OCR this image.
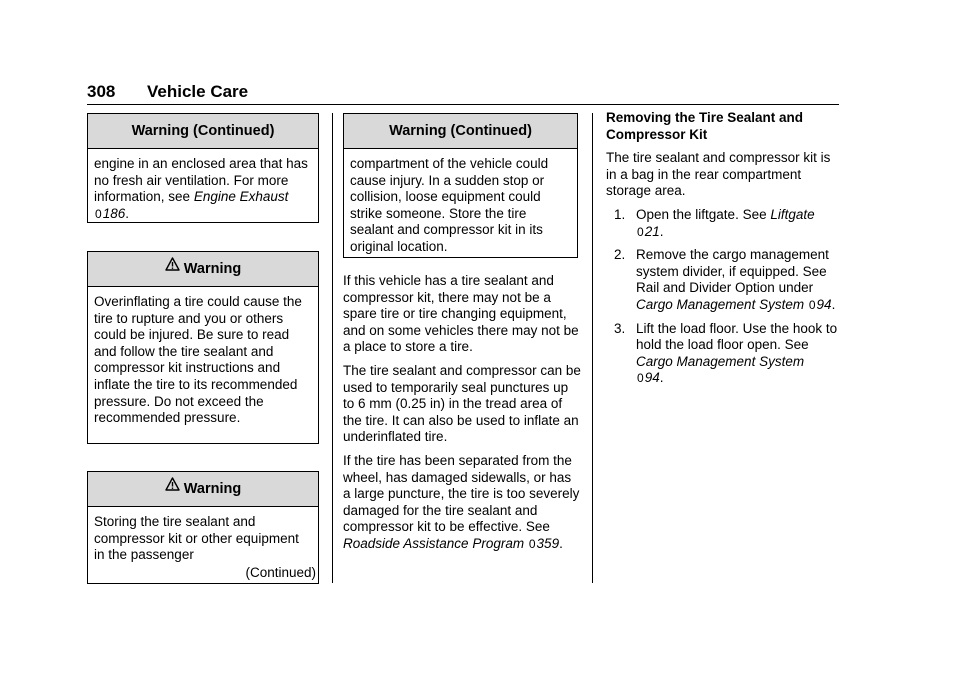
308 Vehicle Care
Warning (Continued)
engine in an enclosed area that has no fresh air ventilation. For more information, see Engine Exhaust 0186.
Warning
Overinflating a tire could cause the tire to rupture and you or others could be injured. Be sure to read and follow the tire sealant and compressor kit instructions and inflate the tire to its recommended pressure. Do not exceed the recommended pressure.
Warning
Storing the tire sealant and compressor kit or other equipment in the passenger
(Continued)
Warning (Continued)
compartment of the vehicle could cause injury. In a sudden stop or collision, loose equipment could strike someone. Store the tire sealant and compressor kit in its original location.

If this vehicle has a tire sealant and compressor kit, there may not be a spare tire or tire changing equipment, and on some vehicles there may not be a place to store a tire.

The tire sealant and compressor can be used to temporarily seal punctures up to 6 mm (0.25 in) in the tread area of the tire. It can also be used to inflate an underinflated tire.

If the tire has been separated from the wheel, has damaged sidewalls, or has a large puncture, the tire is too severely damaged for the tire sealant and compressor kit to be effective. See Roadside Assistance Program 0359.

Removing the Tire Sealant and Compressor Kit

The tire sealant and compressor kit is in a bag in the rear compartment storage area.

1. Open the liftgate. See Liftgate
021.
2. Remove the cargo management system divider, if equipped. See Rail and Divider Option under Cargo Management System 094.
3. Lift the load floor. Use the hook to hold the load floor open. See Cargo Management System
094.
